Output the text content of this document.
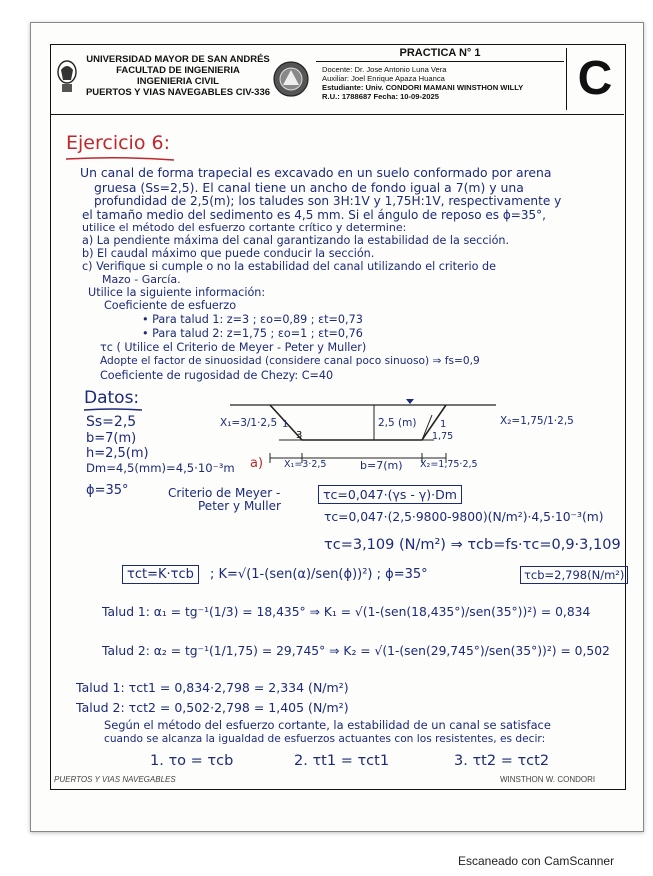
UNIVERSIDAD MAYOR DE SAN ANDRÉS
FACULTAD DE INGENIERIA
INGENIERIA CIVIL
PUERTOS Y VIAS NAVEGABLES CIV-336
PRACTICA N° 1
Docente: Dr. Jose Antonio Luna Vera
Auxiliar: Joel Enrique Apaza Huanca
Estudiante: Univ. CONDORI MAMANI WINSTHON WILLY
R.U.: 1788687 Fecha: 10-09-2025	C
Ejercicio 6:
Un canal de forma trapecial es excavado en un suelo conformado por arena
gruesa (Ss=2,5). El canal tiene un ancho de fondo igual a 7(m) y una
profundidad de 2,5(m); los taludes son 3H:1V y 1,75H:1V, respectivamente y
el tamaño medio del sedimento es 4,5 mm. Si el ángulo de reposo es ϕ=35°,
utilice el método del esfuerzo cortante crítico y determine:
a) La pendiente máxima del canal garantizando la estabilidad de la sección.
b) El caudal máximo que puede conducir la sección.
c) Verifique si cumple o no la estabilidad del canal utilizando el criterio de
Mazo - García.
Utilice la siguiente información:
Coeficiente de esfuerzo
• Para talud 1: z=3 ; εo=0,89 ; εt=0,73
• Para talud 2: z=1,75 ; εo=1 ; εt=0,76
τc ( Utilice el Criterio de Meyer - Peter y Muller)
Adopte el factor de sinuosidad (considere canal poco sinuoso) ⇒ fs=0,9
Coeficiente de rugosidad de Chezy: C=40
Datos:
Ss=2,5
b=7(m)
h=2,5(m)
Dm=4,5(mm)=4,5·10⁻³m
ϕ=35°
X₁=3/1·2,5	X₂=1,75/1·2,5
2,5 (m)
1
3
1
1,75
X₁=3·2,5	b=7(m) X₂=1,75·2,5
a)
Criterio de Meyer -
Peter y Muller
τc=0,047·(γs - γ)·Dm
τc=0,047·(2,5·9800-9800)(N/m²)·4,5·10⁻³(m)
τc=3,109 (N/m²) ⇒ τcb=fs·τc=0,9·3,109
τct=K·τcb	; K=√(1-(sen(α)/sen(ϕ))²) ; ϕ=35°	τcb=2,798(N/m²)
Talud 1: α₁ = tg⁻¹(1/3) = 18,435° ⇒ K₁ = √(1-(sen(18,435°)/sen(35°))²) = 0,834
Talud 2: α₂ = tg⁻¹(1/1,75) = 29,745° ⇒ K₂ = √(1-(sen(29,745°)/sen(35°))²) = 0,502
Talud 1: τct1 = 0,834·2,798 = 2,334 (N/m²)
Talud 2: τct2 = 0,502·2,798 = 1,405 (N/m²)
Según el método del esfuerzo cortante, la estabilidad de un canal se satisface
cuando se alcanza la igualdad de esfuerzos actuantes con los resistentes, es decir:
1. τo = τcb	2. τt1 = τct1	3. τt2 = τct2
PUERTOS Y VIAS NAVEGABLES	WINSTHON W. CONDORI
Escaneado con CamScanner
